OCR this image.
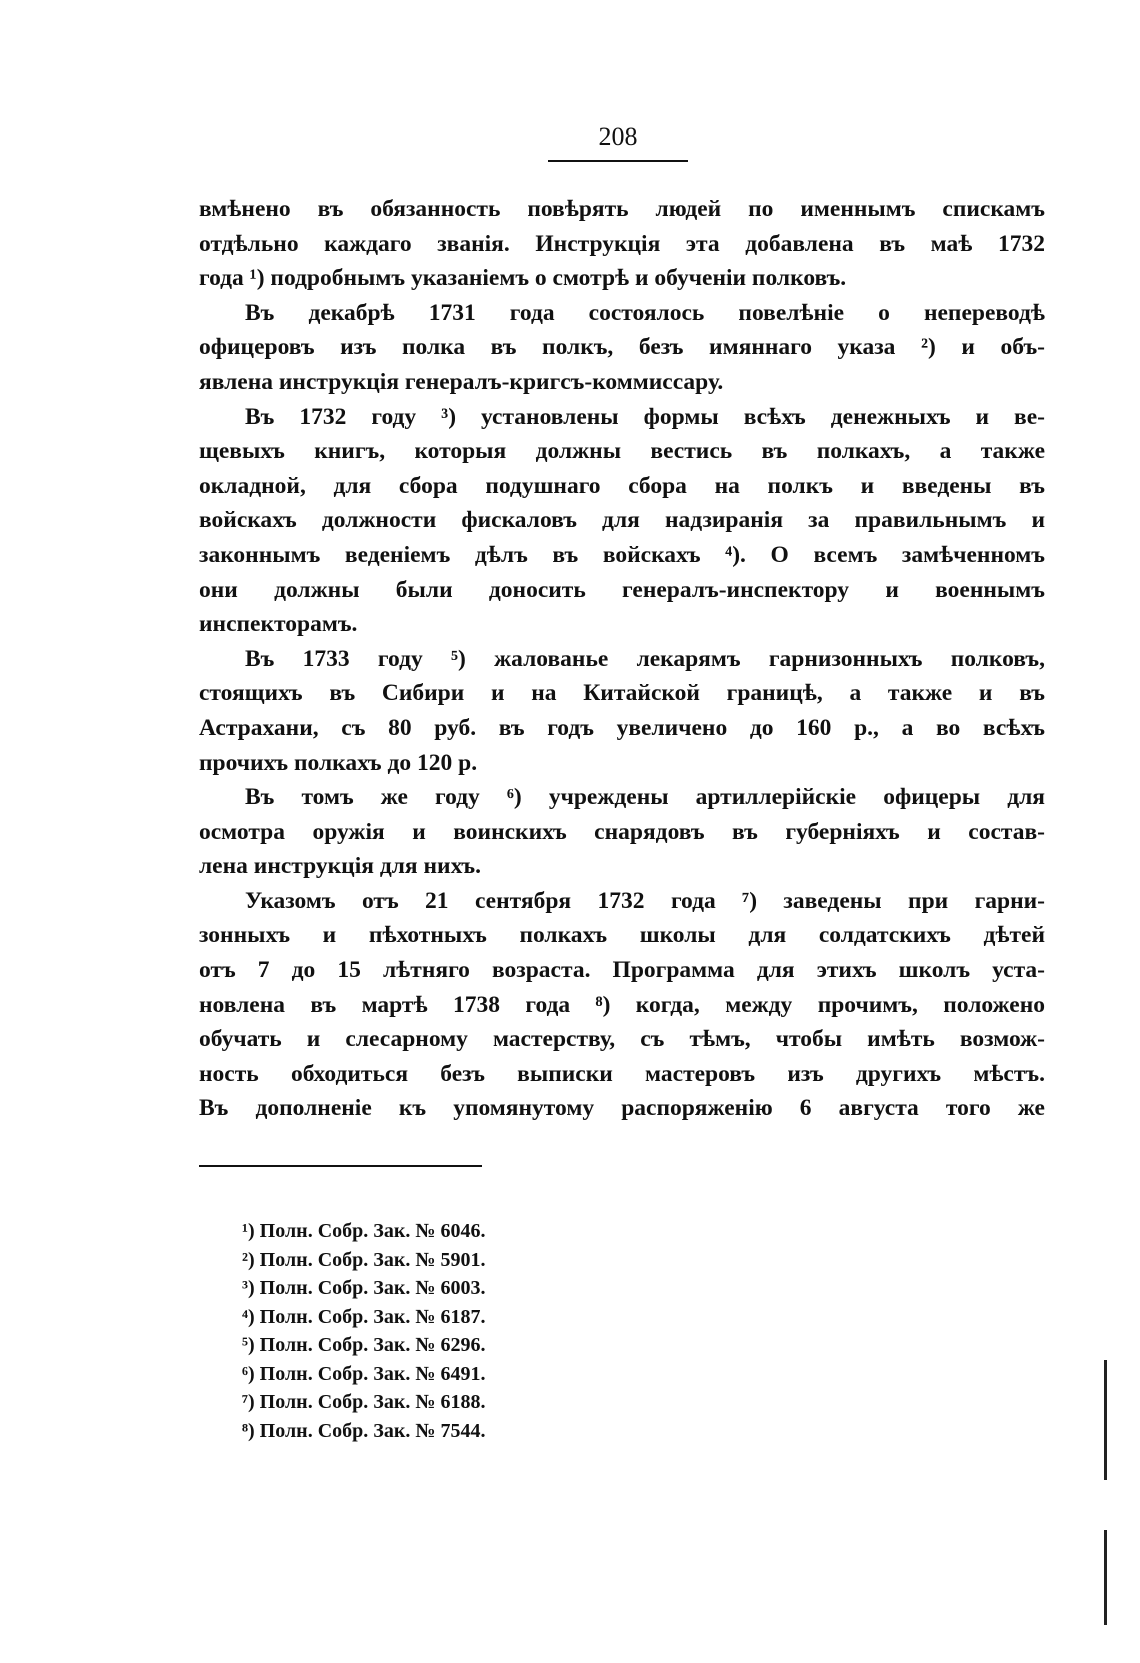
208
вмѣнено въ обязанность повѣрять людей по именнымъ спискамъ
отдѣльно каждаго званія. Инструкція эта добавлена въ маѣ 1732
года ¹) подробнымъ указаніемъ о смотрѣ и обученіи полковъ.
Въ декабрѣ 1731 года состоялось повелѣніе о непереводѣ
офицеровъ изъ полка въ полкъ, безъ имяннаго указа ²) и объ-
явлена инструкція генералъ-кригсъ-коммиссару.
Въ 1732 году ³) установлены формы всѣхъ денежныхъ и ве-
щевыхъ книгъ, которыя должны вестись въ полкахъ, а также
окладной, для сбора подушнаго сбора на полкъ и введены въ
войскахъ должности фискаловъ для надзиранія за правильнымъ и
законнымъ веденіемъ дѣлъ въ войскахъ ⁴). О всемъ замѣченномъ
они должны были доносить генералъ-инспектору и военнымъ
инспекторамъ.
Въ 1733 году ⁵) жалованье лекарямъ гарнизонныхъ полковъ,
стоящихъ въ Сибири и на Китайской границѣ, а также и въ
Астрахани, съ 80 руб. въ годъ увеличено до 160 р., а во всѣхъ
прочихъ полкахъ до 120 р.
Въ томъ же году ⁶) учреждены артиллерійскіе офицеры для
осмотра оружія и воинскихъ снарядовъ въ губерніяхъ и состав-
лена инструкція для нихъ.
Указомъ отъ 21 сентября 1732 года ⁷) заведены при гарни-
зонныхъ и пѣхотныхъ полкахъ школы для солдатскихъ дѣтей
отъ 7 до 15 лѣтняго возраста. Программа для этихъ школъ уста-
новлена въ мартѣ 1738 года ⁸) когда, между прочимъ, положено
обучать и слесарному мастерству, съ тѣмъ, чтобы имѣть возмож-
ность обходиться безъ выписки мастеровъ изъ другихъ мѣстъ.
Въ дополненіе къ упомянутому распоряженію 6 августа того же
¹) Полн. Собр. Зак. № 6046.
²) Полн. Собр. Зак. № 5901.
³) Полн. Собр. Зак. № 6003.
⁴) Полн. Собр. Зак. № 6187.
⁵) Полн. Собр. Зак. № 6296.
⁶) Полн. Собр. Зак. № 6491.
⁷) Полн. Собр. Зак. № 6188.
⁸) Полн. Собр. Зак. № 7544.
